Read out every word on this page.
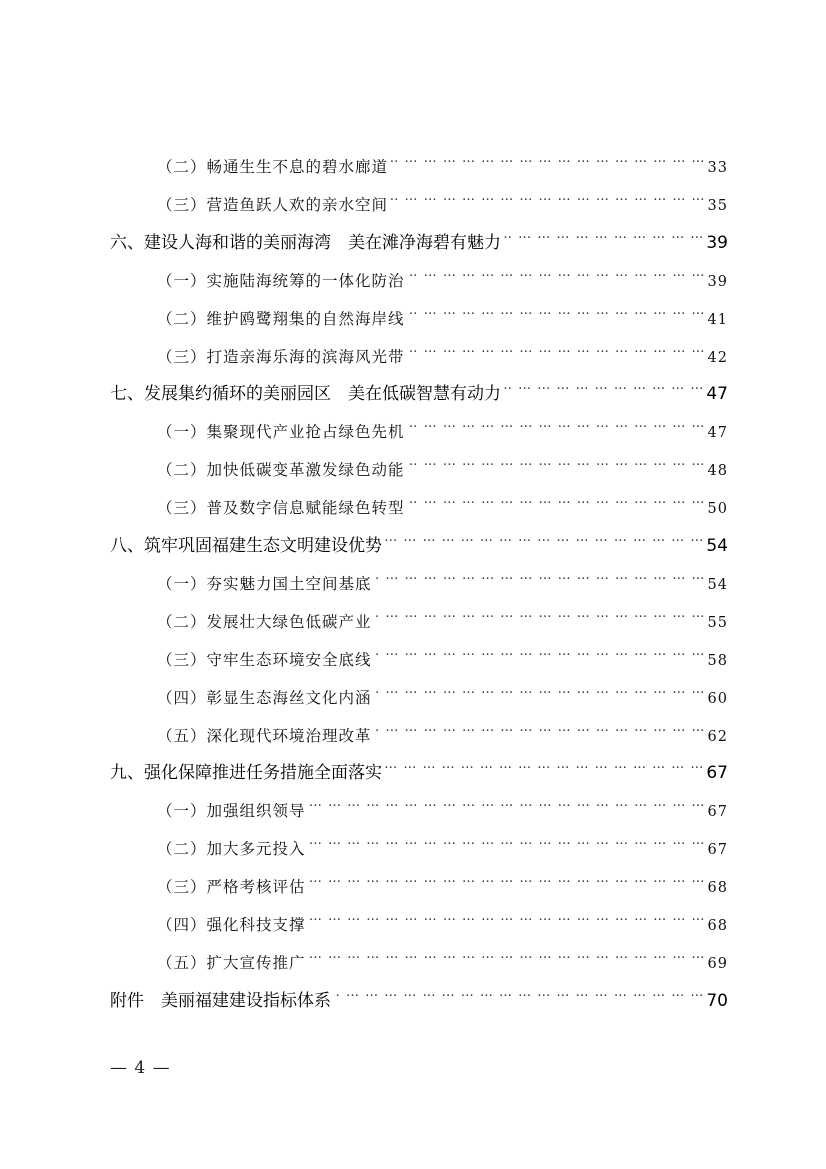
（二）畅通生生不息的碧水廊道 … … … … … … … … … … … … … … … … … … … … … … … … … … … … … … … … … … … … … … … … … … … …	33
（三）营造鱼跃人欢的亲水空间 … … … … … … … … … … … … … … … … … … … … … … … … … … … … … … … … … … … … … … … … … … … …	35
六、建设人海和谐的美丽海湾　美在滩净海碧有魅力 … … … … … … … … … … … … … … … … … … … … … … … … … … … … … … … … … … … … … … … … … … … …	39
（一）实施陆海统筹的一体化防治 … … … … … … … … … … … … … … … … … … … … … … … … … … … … … … … … … … … … … … … … … … … …	39
（二）维护鸥鹭翔集的自然海岸线 … … … … … … … … … … … … … … … … … … … … … … … … … … … … … … … … … … … … … … … … … … … …	41
（三）打造亲海乐海的滨海风光带 … … … … … … … … … … … … … … … … … … … … … … … … … … … … … … … … … … … … … … … … … … … …	42
七、发展集约循环的美丽园区　美在低碳智慧有动力 … … … … … … … … … … … … … … … … … … … … … … … … … … … … … … … … … … … … … … … … … … … …	47
（一）集聚现代产业抢占绿色先机 … … … … … … … … … … … … … … … … … … … … … … … … … … … … … … … … … … … … … … … … … … … …	47
（二）加快低碳变革激发绿色动能 … … … … … … … … … … … … … … … … … … … … … … … … … … … … … … … … … … … … … … … … … … … …	48
（三）普及数字信息赋能绿色转型 … … … … … … … … … … … … … … … … … … … … … … … … … … … … … … … … … … … … … … … … … … … …	50
八、筑牢巩固福建生态文明建设优势 … … … … … … … … … … … … … … … … … … … … … … … … … … … … … … … … … … … … … … … … … … … …	54
（一）夯实魅力国土空间基底 … … … … … … … … … … … … … … … … … … … … … … … … … … … … … … … … … … … … … … … … … … … …	54
（二）发展壮大绿色低碳产业 … … … … … … … … … … … … … … … … … … … … … … … … … … … … … … … … … … … … … … … … … … … …	55
（三）守牢生态环境安全底线 … … … … … … … … … … … … … … … … … … … … … … … … … … … … … … … … … … … … … … … … … … … …	58
（四）彰显生态海丝文化内涵 … … … … … … … … … … … … … … … … … … … … … … … … … … … … … … … … … … … … … … … … … … … …	60
（五）深化现代环境治理改革 … … … … … … … … … … … … … … … … … … … … … … … … … … … … … … … … … … … … … … … … … … … …	62
九、强化保障推进任务措施全面落实 … … … … … … … … … … … … … … … … … … … … … … … … … … … … … … … … … … … … … … … … … … … …	67
（一）加强组织领导 … … … … … … … … … … … … … … … … … … … … … … … … … … … … … … … … … … … … … … … … … … … …	67
（二）加大多元投入 … … … … … … … … … … … … … … … … … … … … … … … … … … … … … … … … … … … … … … … … … … … …	67
（三）严格考核评估 … … … … … … … … … … … … … … … … … … … … … … … … … … … … … … … … … … … … … … … … … … … …	68
（四）强化科技支撑 … … … … … … … … … … … … … … … … … … … … … … … … … … … … … … … … … … … … … … … … … … … …	68
（五）扩大宣传推广 … … … … … … … … … … … … … … … … … … … … … … … … … … … … … … … … … … … … … … … … … … … …	69
附件　美丽福建建设指标体系 … … … … … … … … … … … … … … … … … … … … … … … … … … … … … … … … … … … … … … … … … … … …	70
— 4 —
